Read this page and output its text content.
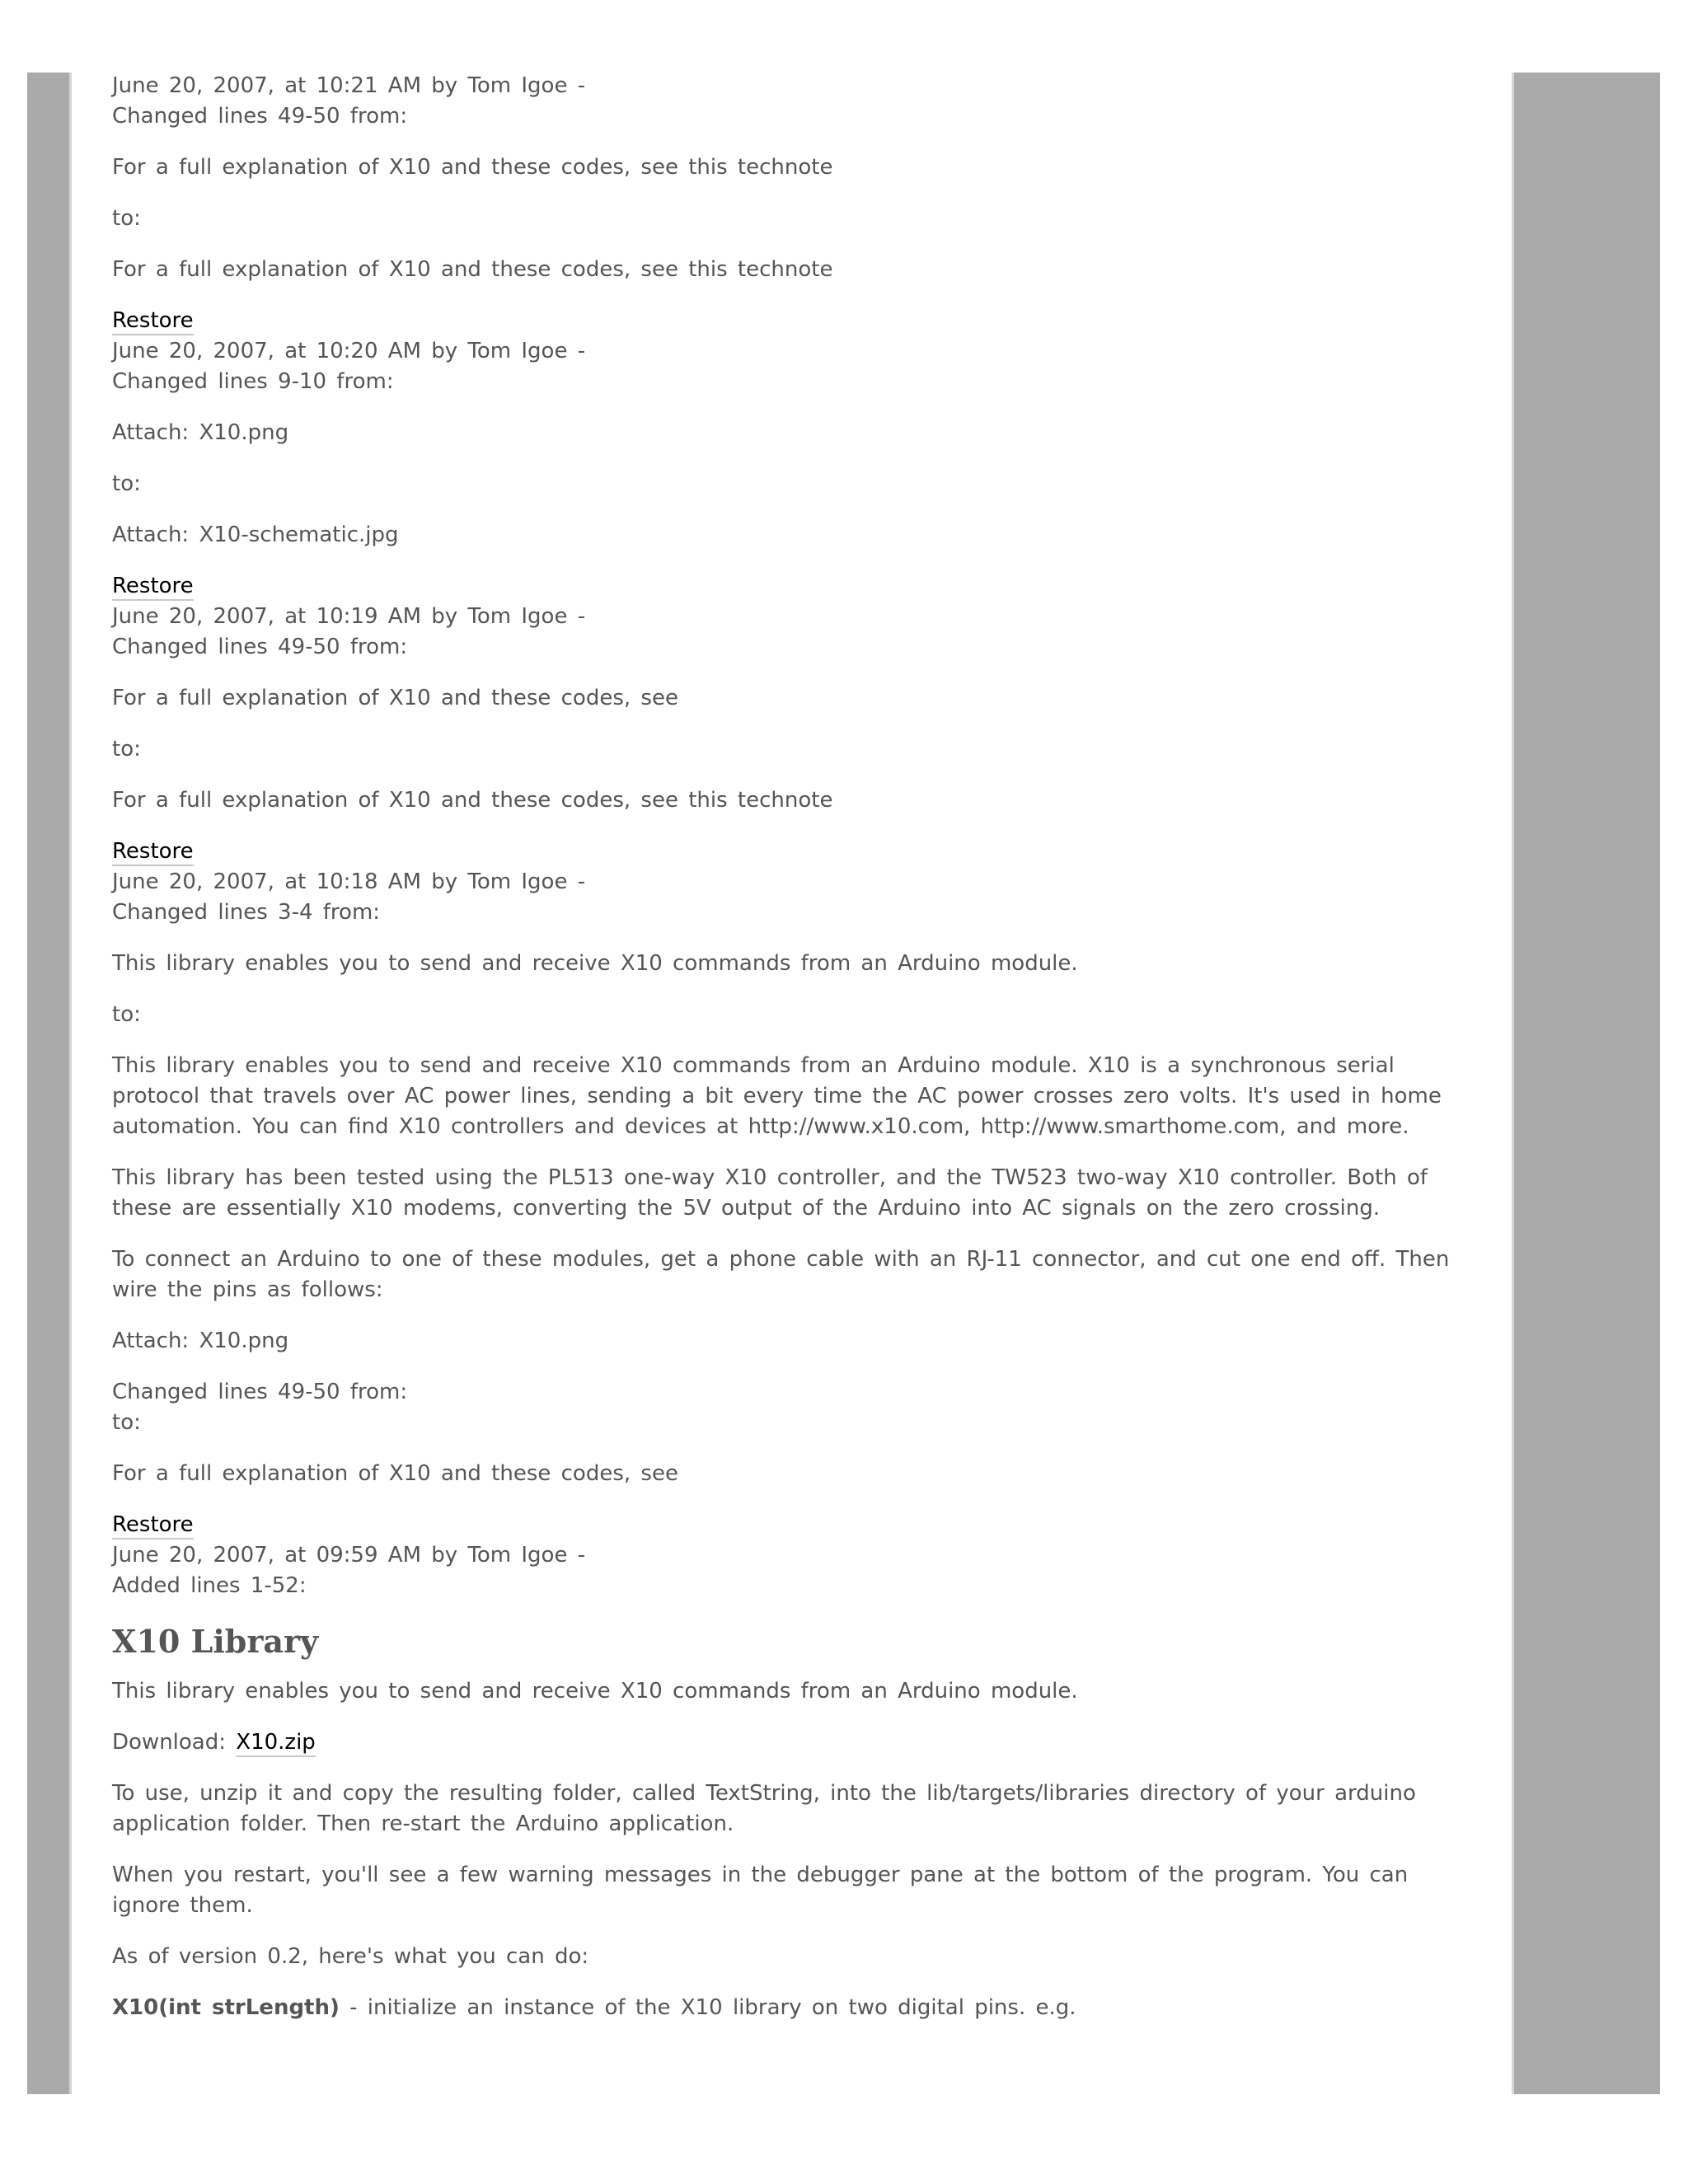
June 20, 2007, at 10:21 AM by Tom Igoe -
Changed lines 49-50 from:

For a full explanation of X10 and these codes, see this technote

to:

For a full explanation of X10 and these codes, see this technote

Restore
June 20, 2007, at 10:20 AM by Tom Igoe -
Changed lines 9-10 from:

Attach: X10.png

to:

Attach: X10-schematic.jpg

Restore
June 20, 2007, at 10:19 AM by Tom Igoe -
Changed lines 49-50 from:

For a full explanation of X10 and these codes, see

to:

For a full explanation of X10 and these codes, see this technote

Restore
June 20, 2007, at 10:18 AM by Tom Igoe -
Changed lines 3-4 from:

This library enables you to send and receive X10 commands from an Arduino module.

to:

This library enables you to send and receive X10 commands from an Arduino module. X10 is a synchronous serial protocol that travels over AC power lines, sending a bit every time the AC power crosses zero volts. It's used in home automation. You can find X10 controllers and devices at http://www.x10.com, http://www.smarthome.com, and more.

This library has been tested using the PL513 one-way X10 controller, and the TW523 two-way X10 controller. Both of these are essentially X10 modems, converting the 5V output of the Arduino into AC signals on the zero crossing.

To connect an Arduino to one of these modules, get a phone cable with an RJ-11 connector, and cut one end off. Then wire the pins as follows:

Attach: X10.png

Changed lines 49-50 from:
to:

For a full explanation of X10 and these codes, see

Restore
June 20, 2007, at 09:59 AM by Tom Igoe -
Added lines 1-52:
X10 Library

This library enables you to send and receive X10 commands from an Arduino module.

Download: X10.zip

To use, unzip it and copy the resulting folder, called TextString, into the lib/targets/libraries directory of your arduino application folder. Then re-start the Arduino application.

When you restart, you'll see a few warning messages in the debugger pane at the bottom of the program. You can ignore them.

As of version 0.2, here's what you can do:

X10(int strLength) - initialize an instance of the X10 library on two digital pins. e.g.
